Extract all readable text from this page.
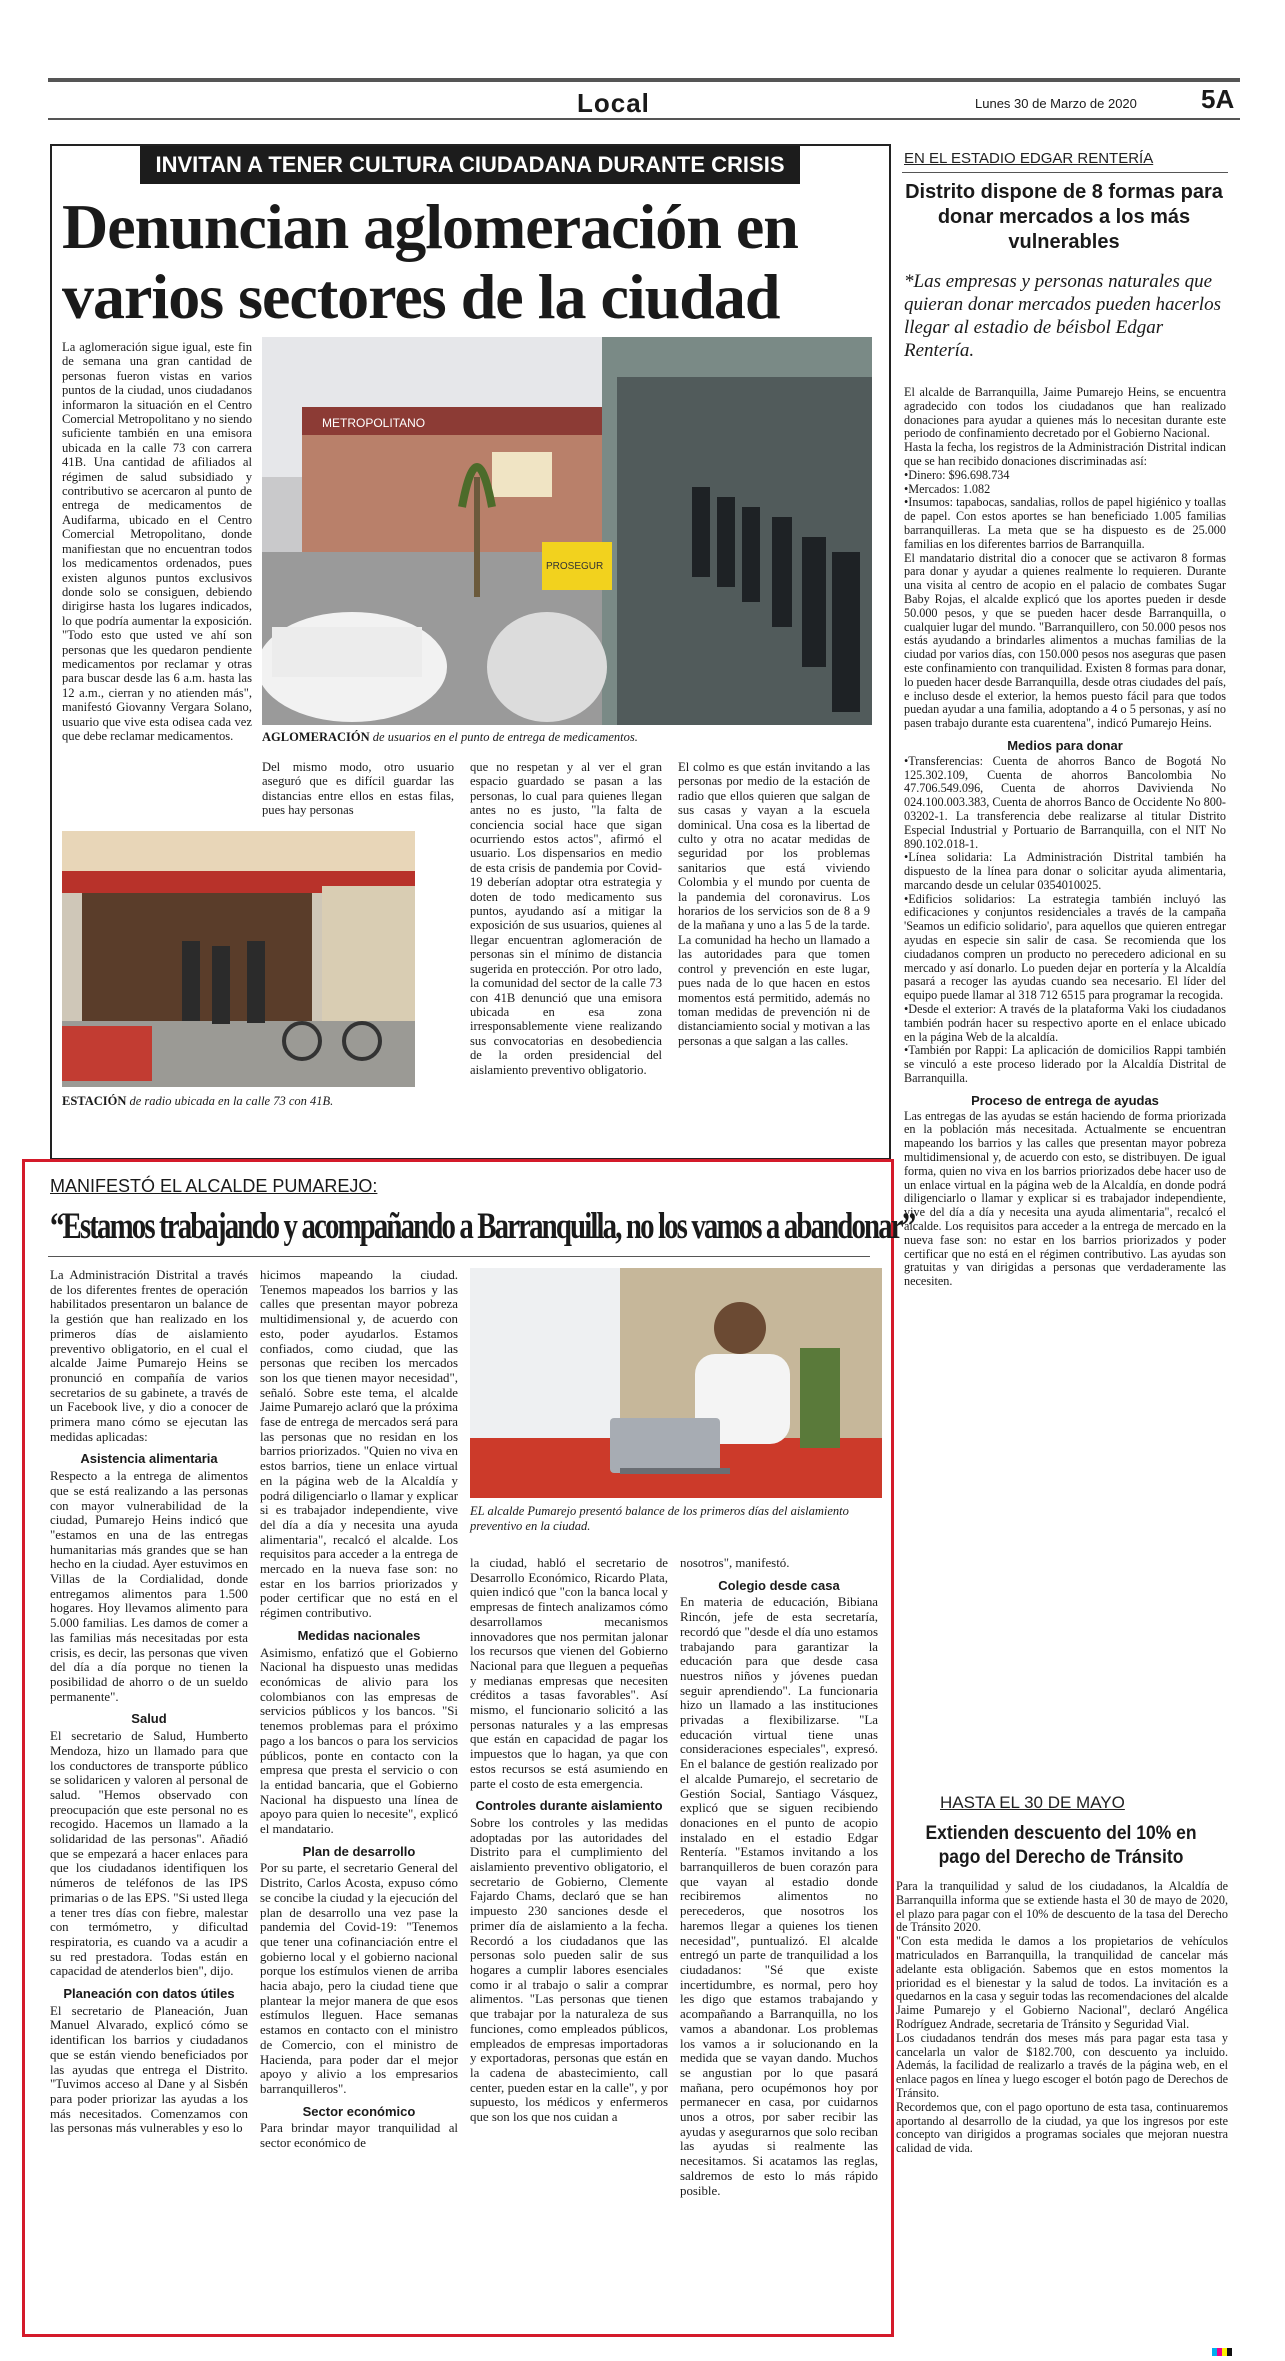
Local	Lunes 30 de Marzo de 2020 5A
INVITAN A TENER CULTURA CIUDADANA DURANTE CRISIS
Denuncian aglomeración en
varios sectores de la ciudad
La aglomeración sigue igual, este fin de semana una gran cantidad de personas fueron vistas en varios puntos de la ciudad, unos ciudadanos informaron la situación en el Centro Comercial Metropolitano y no siendo suficiente también en una emisora ubicada en la calle 73 con carrera 41B. Una cantidad de afiliados al régimen de salud subsidiado y contributivo se acercaron al punto de entrega de medicamentos de Audifarma, ubicado en el Centro Comercial Metropolitano, donde manifiestan que no encuentran todos los medicamentos ordenados, pues existen algunos puntos exclusivos donde solo se consiguen, debiendo dirigirse hasta los lugares indicados, lo que podría aumentar la exposición. "Todo esto que usted ve ahí son personas que les quedaron pendiente medicamentos por reclamar y otras para buscar desde las 6 a.m. hasta las 12 a.m., cierran y no atienden más", manifestó Giovanny Vergara Solano, usuario que vive esta odisea cada vez que debe reclamar medicamentos.
METROPOLITANO
PROSEGUR
AGLOMERACIÓN de usuarios en el punto de entrega de medicamentos.
ESTACIÓN de radio ubicada en la calle 73 con 41B.
Del mismo modo, otro usuario aseguró que es difícil guardar las distancias entre ellos en estas filas, pues hay personas
que no respetan y al ver el gran espacio guardado se pasan a las personas, lo cual para quienes llegan antes no es justo, "la falta de conciencia social hace que sigan ocurriendo estos actos", afirmó el usuario. Los dispensarios en medio de esta crisis de pandemia por Covid-19 deberían adoptar otra estrategia y doten de todo medicamento sus puntos, ayudando así a mitigar la exposición de sus usuarios, quienes al llegar encuentran aglomeración de personas sin el mínimo de distancia sugerida en protección. Por otro lado, la comunidad del sector de la calle 73 con 41B denunció que una emisora ubicada en esa zona irresponsablemente viene realizando sus convocatorias en desobediencia de la orden presidencial del aislamiento preventivo obligatorio.
El colmo es que están invitando a las personas por medio de la estación de radio que ellos quieren que salgan de sus casas y vayan a la escuela dominical. Una cosa es la libertad de culto y otra no acatar medidas de seguridad por los problemas sanitarios que está viviendo Colombia y el mundo por cuenta de la pandemia del coronavirus. Los horarios de los servicios son de 8 a 9 de la mañana y uno a las 5 de la tarde. La comunidad ha hecho un llamado a las autoridades para que tomen control y prevención en este lugar, pues nada de lo que hacen en estos momentos está permitido, además no toman medidas de prevención ni de distanciamiento social y motivan a las personas a que salgan a las calles.
EN EL ESTADIO EDGAR RENTERÍA
Distrito dispone de 8 formas para donar mercados a los más vulnerables
*Las empresas y personas naturales que quieran donar mercados pueden hacerlos llegar al estadio de béisbol Edgar Rentería.

El alcalde de Barranquilla, Jaime Pumarejo Heins, se encuentra agradecido con todos los ciudadanos que han realizado donaciones para ayudar a quienes más lo necesitan durante este periodo de confinamiento decretado por el Gobierno Nacional.

Hasta la fecha, los registros de la Administración Distrital indican que se han recibido donaciones discriminadas así:

•Dinero: $96.698.734

•Mercados: 1.082

•Insumos: tapabocas, sandalias, rollos de papel higiénico y toallas de papel. Con estos aportes se han beneficiado 1.005 familias barranquilleras. La meta que se ha dispuesto es de 25.000 familias en los diferentes barrios de Barranquilla.

El mandatario distrital dio a conocer que se activaron 8 formas para donar y ayudar a quienes realmente lo requieren. Durante una visita al centro de acopio en el palacio de combates Sugar Baby Rojas, el alcalde explicó que los aportes pueden ir desde 50.000 pesos, y que se pueden hacer desde Barranquilla, o cualquier lugar del mundo. "Barranquillero, con 50.000 pesos nos estás ayudando a brindarles alimentos a muchas familias de la ciudad por varios días, con 150.000 pesos nos aseguras que pasen este confinamiento con tranquilidad. Existen 8 formas para donar, lo pueden hacer desde Barranquilla, desde otras ciudades del país, e incluso desde el exterior, la hemos puesto fácil para que todos puedan ayudar a una familia, adoptando a 4 o 5 personas, y así no pasen trabajo durante esta cuarentena", indicó Pumarejo Heins.

Medios para donar

•Transferencias: Cuenta de ahorros Banco de Bogotá No 125.302.109, Cuenta de ahorros Bancolombia No 47.706.549.096, Cuenta de ahorros Davivienda No 024.100.003.383, Cuenta de ahorros Banco de Occidente No 800-03202-1. La transferencia debe realizarse al titular Distrito Especial Industrial y Portuario de Barranquilla, con el NIT No 890.102.018-1.

•Línea solidaria: La Administración Distrital también ha dispuesto de la línea para donar o solicitar ayuda alimentaria, marcando desde un celular 0354010025.

•Edificios solidarios: La estrategia también incluyó las edificaciones y conjuntos residenciales a través de la campaña 'Seamos un edificio solidario', para aquellos que quieren entregar ayudas en especie sin salir de casa. Se recomienda que los ciudadanos compren un producto no perecedero adicional en su mercado y así donarlo. Lo pueden dejar en portería y la Alcaldía pasará a recoger las ayudas cuando sea necesario. El líder del equipo puede llamar al 318 712 6515 para programar la recogida.

•Desde el exterior: A través de la plataforma Vaki los ciudadanos también podrán hacer su respectivo aporte en el enlace ubicado en la página Web de la alcaldía.

•También por Rappi: La aplicación de domicilios Rappi también se vinculó a este proceso liderado por la Alcaldía Distrital de Barranquilla.

Proceso de entrega de ayudas

Las entregas de las ayudas se están haciendo de forma priorizada en la población más necesitada. Actualmente se encuentran mapeando los barrios y las calles que presentan mayor pobreza multidimensional y, de acuerdo con esto, se distribuyen. De igual forma, quien no viva en los barrios priorizados debe hacer uso de un enlace virtual en la página web de la Alcaldía, en donde podrá diligenciarlo o llamar y explicar si es trabajador independiente, vive del día a día y necesita una ayuda alimentaria", recalcó el alcalde. Los requisitos para acceder a la entrega de mercado en la nueva fase son: no estar en los barrios priorizados y poder certificar que no está en el régimen contributivo. Las ayudas son gratuitas y van dirigidas a personas que verdaderamente las necesiten.

HASTA EL 30 DE MAYO
Extienden descuento del 10% en pago del Derecho de Tránsito

Para la tranquilidad y salud de los ciudadanos, la Alcaldía de Barranquilla informa que se extiende hasta el 30 de mayo de 2020, el plazo para pagar con el 10% de descuento de la tasa del Derecho de Tránsito 2020.

"Con esta medida le damos a los propietarios de vehículos matriculados en Barranquilla, la tranquilidad de cancelar más adelante esta obligación. Sabemos que en estos momentos la prioridad es el bienestar y la salud de todos. La invitación es a quedarnos en la casa y seguir todas las recomendaciones del alcalde Jaime Pumarejo y el Gobierno Nacional", declaró Angélica Rodríguez Andrade, secretaria de Tránsito y Seguridad Vial.

Los ciudadanos tendrán dos meses más para pagar esta tasa y cancelarla un valor de $182.700, con descuento ya incluido. Además, la facilidad de realizarlo a través de la página web, en el enlace pagos en línea y luego escoger el botón pago de Derechos de Tránsito.

Recordemos que, con el pago oportuno de esta tasa, continuaremos aportando al desarrollo de la ciudad, ya que los ingresos por este concepto van dirigidos a programas sociales que mejoran nuestra calidad de vida.

MANIFESTÓ EL ALCALDE PUMAREJO:
“Estamos trabajando y acompañando a Barranquilla, no los vamos a abandonar”
EL alcalde Pumarejo presentó balance de los primeros días del aislamiento preventivo en la ciudad.

La Administración Distrital a través de los diferentes frentes de operación habilitados presentaron un balance de la gestión que han realizado en los primeros días de aislamiento preventivo obligatorio, en el cual el alcalde Jaime Pumarejo Heins se pronunció en compañía de varios secretarios de su gabinete, a través de un Facebook live, y dio a conocer de primera mano cómo se ejecutan las medidas aplicadas:

Asistencia alimentaria

Respecto a la entrega de alimentos que se está realizando a las personas con mayor vulnerabilidad de la ciudad, Pumarejo Heins indicó que "estamos en una de las entregas humanitarias más grandes que se han hecho en la ciudad. Ayer estuvimos en Villas de la Cordialidad, donde entregamos alimentos para 1.500 hogares. Hoy llevamos alimento para 5.000 familias. Les damos de comer a las familias más necesitadas por esta crisis, es decir, las personas que viven del día a día porque no tienen la posibilidad de ahorro o de un sueldo permanente".

Salud

El secretario de Salud, Humberto Mendoza, hizo un llamado para que los conductores de transporte público se solidaricen y valoren al personal de salud. "Hemos observado con preocupación que este personal no es recogido. Hacemos un llamado a la solidaridad de las personas". Añadió que se empezará a hacer enlaces para que los ciudadanos identifiquen los números de teléfonos de las IPS primarias o de las EPS. "Si usted llega a tener tres días con fiebre, malestar con termómetro, y dificultad respiratoria, es cuando va a acudir a su red prestadora. Todas están en capacidad de atenderlos bien", dijo.

Planeación con datos útiles

El secretario de Planeación, Juan Manuel Alvarado, explicó cómo se identifican los barrios y ciudadanos que se están viendo beneficiados por las ayudas que entrega el Distrito. "Tuvimos acceso al Dane y al Sisbén para poder priorizar las ayudas a los más necesitados. Comenzamos con las personas más vulnerables y eso lo

hicimos mapeando la ciudad. Tenemos mapeados los barrios y las calles que presentan mayor pobreza multidimensional y, de acuerdo con esto, poder ayudarlos. Estamos confiados, como ciudad, que las personas que reciben los mercados son los que tienen mayor necesidad", señaló. Sobre este tema, el alcalde Jaime Pumarejo aclaró que la próxima fase de entrega de mercados será para las personas que no residan en los barrios priorizados. "Quien no viva en estos barrios, tiene un enlace virtual en la página web de la Alcaldía y podrá diligenciarlo o llamar y explicar si es trabajador independiente, vive del día a día y necesita una ayuda alimentaria", recalcó el alcalde. Los requisitos para acceder a la entrega de mercado en la nueva fase son: no estar en los barrios priorizados y poder certificar que no está en el régimen contributivo.

Medidas nacionales

Asimismo, enfatizó que el Gobierno Nacional ha dispuesto unas medidas económicas de alivio para los colombianos con las empresas de servicios públicos y los bancos. "Si tenemos problemas para el próximo pago a los bancos o para los servicios públicos, ponte en contacto con la empresa que presta el servicio o con la entidad bancaria, que el Gobierno Nacional ha dispuesto una línea de apoyo para quien lo necesite", explicó el mandatario.

Plan de desarrollo

Por su parte, el secretario General del Distrito, Carlos Acosta, expuso cómo se concibe la ciudad y la ejecución del plan de desarrollo una vez pase la pandemia del Covid-19: "Tenemos que tener una cofinanciación entre el gobierno local y el gobierno nacional porque los estímulos vienen de arriba hacia abajo, pero la ciudad tiene que plantear la mejor manera de que esos estímulos lleguen. Hace semanas estamos en contacto con el ministro de Comercio, con el ministro de Hacienda, para poder dar el mejor apoyo y alivio a los empresarios barranquilleros".

Sector económico

Para brindar mayor tranquilidad al sector económico de

la ciudad, habló el secretario de Desarrollo Económico, Ricardo Plata, quien indicó que "con la banca local y empresas de fintech analizamos cómo desarrollamos mecanismos innovadores que nos permitan jalonar los recursos que vienen del Gobierno Nacional para que lleguen a pequeñas y medianas empresas que necesiten créditos a tasas favorables". Así mismo, el funcionario solicitó a las personas naturales y a las empresas que están en capacidad de pagar los impuestos que lo hagan, ya que con estos recursos se está asumiendo en parte el costo de esta emergencia.

Controles durante aislamiento

Sobre los controles y las medidas adoptadas por las autoridades del Distrito para el cumplimiento del aislamiento preventivo obligatorio, el secretario de Gobierno, Clemente Fajardo Chams, declaró que se han impuesto 230 sanciones desde el primer día de aislamiento a la fecha. Recordó a los ciudadanos que las personas solo pueden salir de sus hogares a cumplir labores esenciales como ir al trabajo o salir a comprar alimentos. "Las personas que tienen que trabajar por la naturaleza de sus funciones, como empleados públicos, empleados de empresas importadoras y exportadoras, personas que están en la cadena de abastecimiento, call center, pueden estar en la calle", y por supuesto, los médicos y enfermeros que son los que nos cuidan a

nosotros", manifestó.

Colegio desde casa

En materia de educación, Bibiana Rincón, jefe de esta secretaría, recordó que "desde el día uno estamos trabajando para garantizar la educación para que desde casa nuestros niños y jóvenes puedan seguir aprendiendo". La funcionaria hizo un llamado a las instituciones privadas a flexibilizarse. "La educación virtual tiene unas consideraciones especiales", expresó. En el balance de gestión realizado por el alcalde Pumarejo, el secretario de Gestión Social, Santiago Vásquez, explicó que se siguen recibiendo donaciones en el punto de acopio instalado en el estadio Edgar Rentería. "Estamos invitando a los barranquilleros de buen corazón para que vayan al estadio donde recibiremos alimentos no perecederos, que nosotros los haremos llegar a quienes los tienen necesidad", puntualizó. El alcalde entregó un parte de tranquilidad a los ciudadanos: "Sé que existe incertidumbre, es normal, pero hoy les digo que estamos trabajando y acompañando a Barranquilla, no los vamos a abandonar. Los problemas los vamos a ir solucionando en la medida que se vayan dando. Muchos se angustian por lo que pasará mañana, pero ocupémonos hoy por permanecer en casa, por cuidarnos unos a otros, por saber recibir las ayudas y asegurarnos que solo reciban las ayudas si realmente las necesitamos. Si acatamos las reglas, saldremos de esto lo más rápido posible.
